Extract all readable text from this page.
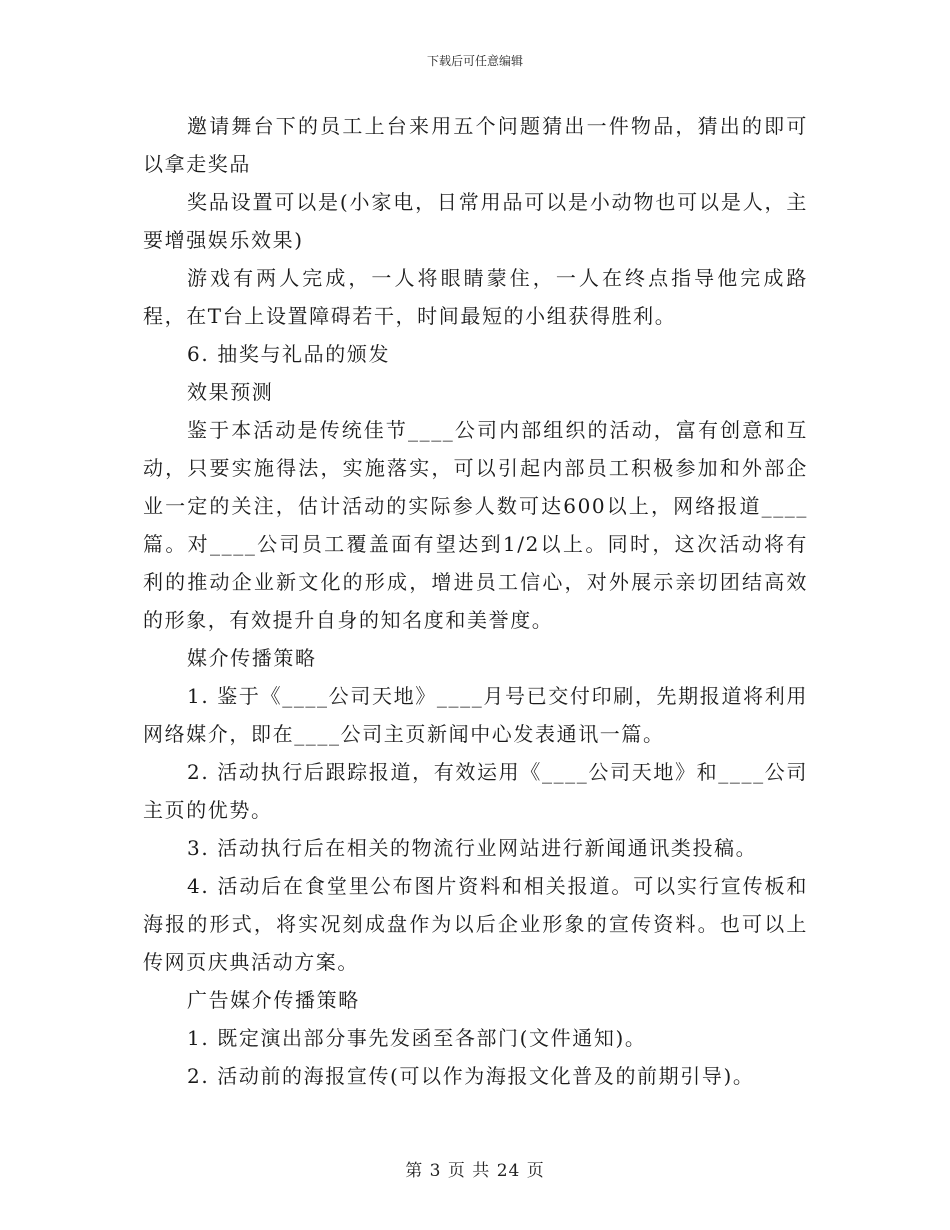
下载后可任意编辑

邀请舞台下的员工上台来用五个问题猜出一件物品，猜出的即可以拿走奖品

奖品设置可以是(小家电，日常用品可以是小动物也可以是人，主要增强娱乐效果)

游戏有两人完成，一人将眼睛蒙住，一人在终点指导他完成路程，在T台上设置障碍若干，时间最短的小组获得胜利。

6. 抽奖与礼品的颁发

效果预测

鉴于本活动是传统佳节____公司内部组织的活动，富有创意和互动，只要实施得法，实施落实，可以引起内部员工积极参加和外部企业一定的关注，估计活动的实际参人数可达600以上，网络报道____篇。对____公司员工覆盖面有望达到1/2以上。同时，这次活动将有利的推动企业新文化的形成，增进员工信心，对外展示亲切团结高效的形象，有效提升自身的知名度和美誉度。

媒介传播策略

1. 鉴于《____公司天地》____月号已交付印刷，先期报道将利用网络媒介，即在____公司主页新闻中心发表通讯一篇。

2. 活动执行后跟踪报道，有效运用《____公司天地》和____公司主页的优势。

3. 活动执行后在相关的物流行业网站进行新闻通讯类投稿。

4. 活动后在食堂里公布图片资料和相关报道。可以实行宣传板和海报的形式，将实况刻成盘作为以后企业形象的宣传资料。也可以上传网页庆典活动方案。

广告媒介传播策略

1. 既定演出部分事先发函至各部门(文件通知)。

2. 活动前的海报宣传(可以作为海报文化普及的前期引导)。

第 3 页 共 24 页
